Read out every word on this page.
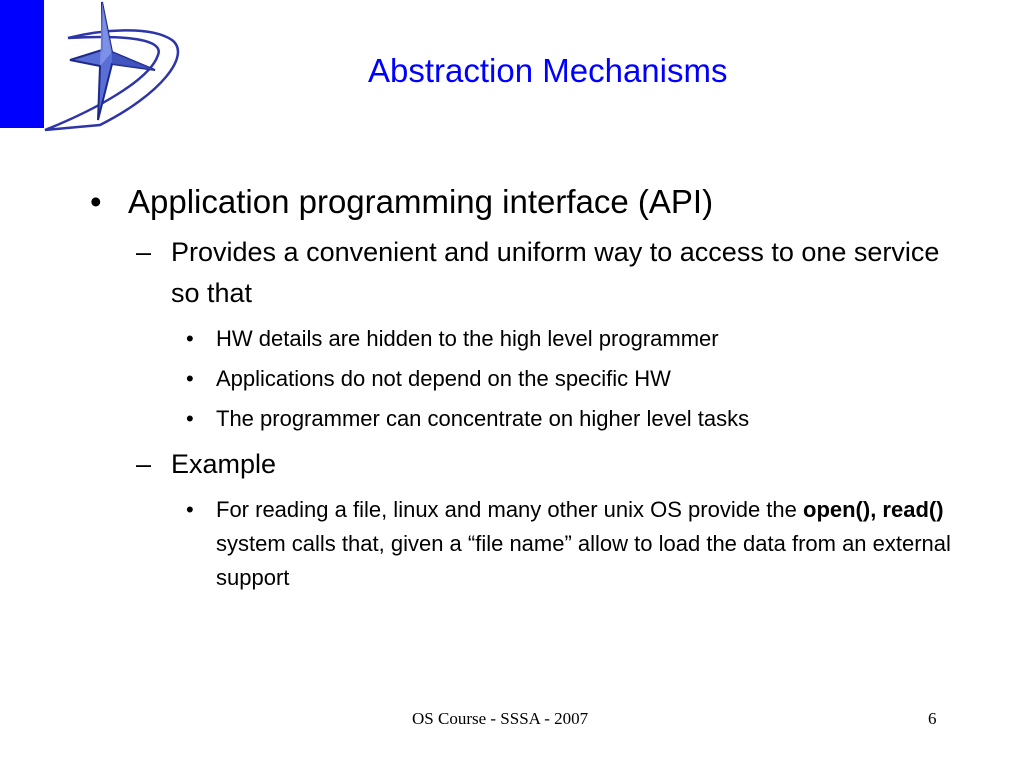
Abstraction Mechanisms
• Application programming interface (API)
– Provides a convenient and uniform way to access to one service so that
• HW details are hidden to the high level programmer
• Applications do not depend on the specific HW
• The programmer can concentrate on higher level tasks
– Example
• For reading a file, linux and many other unix OS provide the open(), read() system calls that, given a “file name” allow to load the data from an external support
OS Course - SSSA - 2007	6
